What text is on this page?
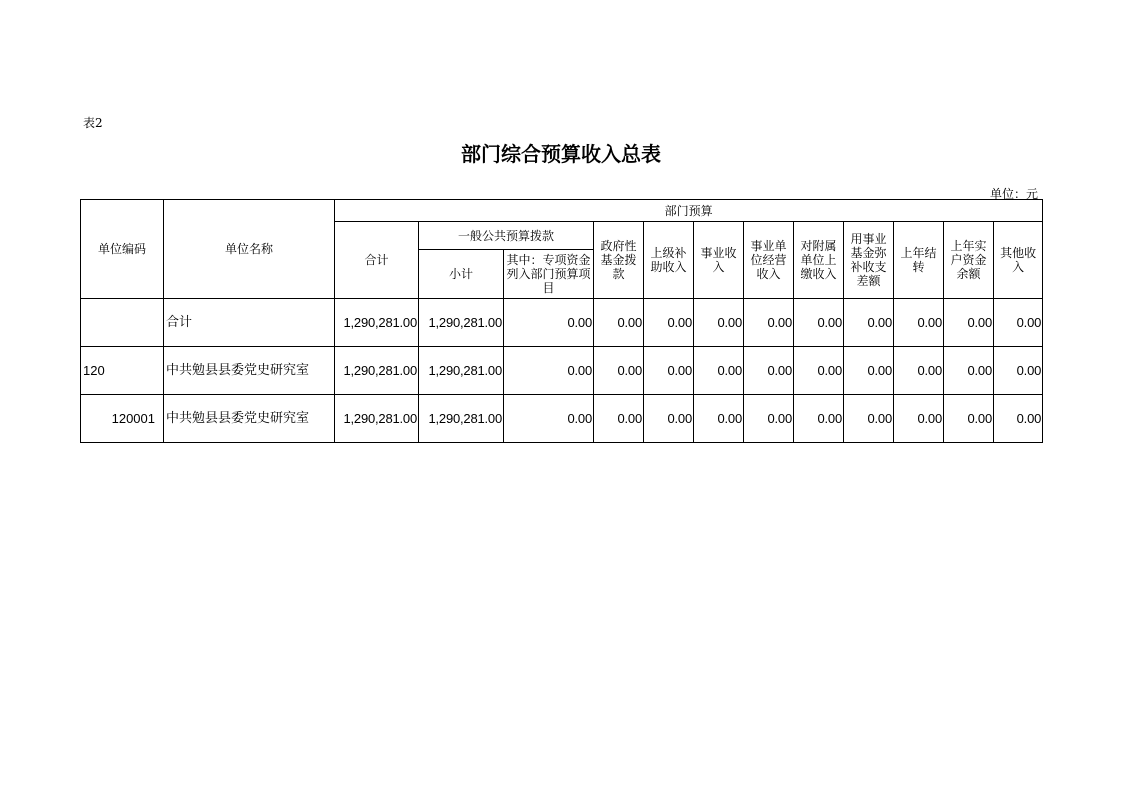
表2
部门综合预算收入总表
单位：元
单位编码	单位名称	部门预算											
		合计	一般公共预算拨款		政府性基金拨款	上级补助收入	事业收入	事业单位经营收入	对附属单位上缴收入	用事业基金弥补收支差额	上年结转	上年实户资金余额	其他收入
			小计	其中：专项资金列入部门预算项目									
	合计	1,290,281.00	1,290,281.00	0.00	0.00	0.00	0.00	0.00	0.00	0.00	0.00	0.00	0.00
120	中共勉县县委党史研究室	1,290,281.00	1,290,281.00	0.00	0.00	0.00	0.00	0.00	0.00	0.00	0.00	0.00	0.00
120001	中共勉县县委党史研究室	1,290,281.00	1,290,281.00	0.00	0.00	0.00	0.00	0.00	0.00	0.00	0.00	0.00	0.00
